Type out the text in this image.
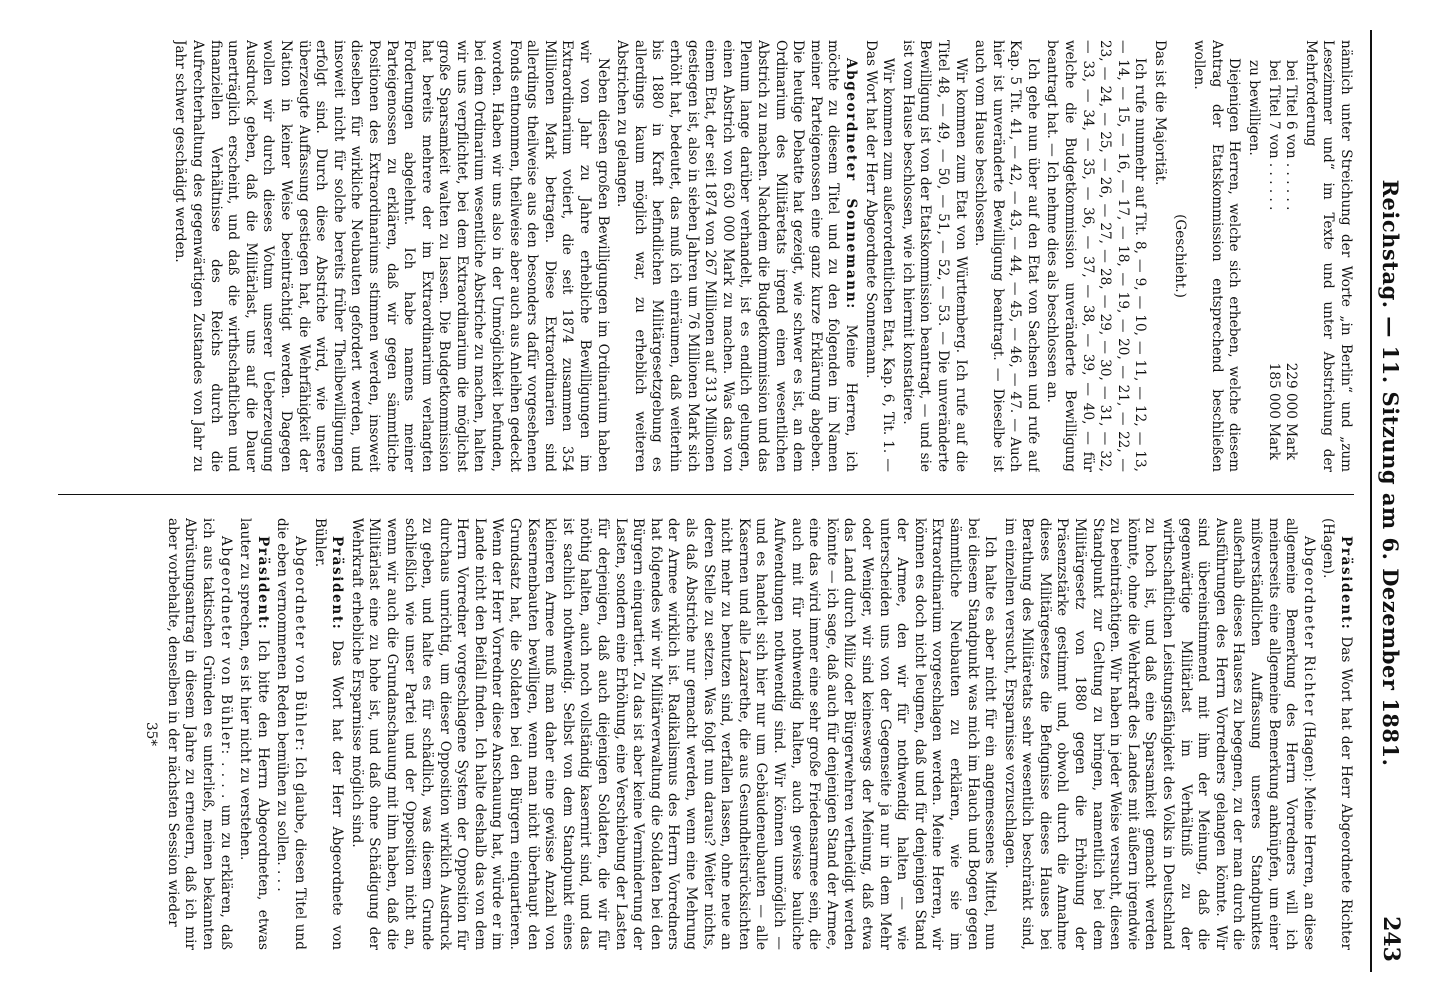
Reichstag. — 11. Sitzung am 6. Dezember 1881.
243

nämlich unter Streichung der Worte „in Berlin“ und „zum Lesezimmer und“ im Texte und unter Abstrichung der Mehrforderung

bei Titel 6 von . . . . . .	229 000 Mark
bei Titel 7 von . . . . . .	185 000 Mark

zu bewilligen.

Diejenigen Herren, welche sich erheben, welche diesem Antrag der Etatskommission entsprechend beschließen wollen.

(Geschieht.)

Das ist die Majorität.

Ich rufe nunmehr auf Tit. 8, — 9, — 10, — 11, — 12, — 13, — 14, — 15, — 16, — 17, — 18, — 19, — 20, — 21, — 22, — 23, — 24, — 25, — 26, — 27, — 28, — 29, — 30, — 31, — 32, — 33, — 34, — 35, — 36, — 37, — 38, — 39, — 40, — für welche die Budgetkommission unveränderte Bewilligung beantragt hat. — Ich nehme dies als beschlossen an.

Ich gehe nun über auf den Etat von Sachsen und rufe auf Kap. 5 Tit. 41, — 42, — 43, — 44, — 45, — 46, — 47. — Auch hier ist unveränderte Bewilligung beantragt. — Dieselbe ist auch vom Hause beschlossen.

Wir kommen zum Etat von Württemberg. Ich rufe auf die Titel 48, — 49, — 50, — 51, — 52, — 53. — Die unveränderte Bewilligung ist von der Etatskommission beantragt, — und sie ist vom Hause beschlossen, wie ich hiermit konstatiere.

Wir kommen zum außerordentlichen Etat, Kap. 6, Tit. 1. — Das Wort hat der Herr Abgeordnete Sonnemann.

Abgeordneter Sonnemann: Meine Herren, ich möchte zu diesem Titel und zu den folgenden im Namen meiner Parteigenossen eine ganz kurze Erklärung abgeben. Die heutige Debatte hat gezeigt, wie schwer es ist, an dem Ordinarium des Militäretats irgend einen wesentlichen Abstrich zu machen. Nachdem die Budgetkommission und das Plenum lange darüber verhandelt, ist es endlich gelungen, einen Abstrich von 630 000 Mark zu machen. Was das von einem Etat, der seit 1874 von 267 Millionen auf 313 Millionen gestiegen ist, also in sieben Jahren um 76 Millionen Mark sich erhöht hat, bedeutet, das muß ich einräumen, daß weiterhin bis 1880 in Kraft befindlichen Militärgesetzgebung es allerdings kaum möglich war, zu erheblich weiteren Abstrichen zu gelangen.

Neben diesen großen Bewilligungen im Ordinarium haben wir von Jahr zu Jahre erhebliche Bewilligungen im Extraordinarium votiert, die seit 1874 zusammen 354 Millionen Mark betragen. Diese Extraordinarien sind allerdings theilweise aus den besonders dafür vorgesehenen Fonds entnommen, theilweise aber auch aus Anleihen gedeckt worden. Haben wir uns also in der Unmöglichkeit befunden, bei dem Ordinarium wesentliche Abstriche zu machen, halten wir uns verpflichtet, bei dem Extraordinarium die möglichst große Sparsamkeit walten zu lassen. Die Budgetkommission hat bereits mehrere der im Extraordinarium verlangten Forderungen abgelehnt. Ich habe namens meiner Parteigenossen zu erklären, daß wir gegen sämmtliche Positionen des Extraordinariums stimmen werden, insoweit dieselben für wirkliche Neubauten gefordert werden, und insoweit nicht für solche bereits früher Theilbewilligungen erfolgt sind. Durch diese Abstriche wird, wie unsere überzeugte Auffassung gestiegen hat, die Wehrfähigkeit der Nation in keiner Weise beeinträchtigt werden. Dagegen wollen wir durch dieses Votum unserer Ueberzeugung Ausdruck geben, daß die Militärlast, uns auf die Dauer unerträglich erscheint, und daß die wirthschaftlichen und finanziellen Verhältnisse des Reichs durch die Aufrechterhaltung des gegenwärtigen Zustandes von Jahr zu Jahr schwer geschädigt werden.

Präsident: Das Wort hat der Herr Abgeordnete Richter (Hagen).

Abgeordneter Richter (Hagen): Meine Herren, an diese allgemeine Bemerkung des Herrn Vorredners will ich meinerseits eine allgemeine Bemerkung anknüpfen, um einer mißverständlichen Auffassung unseres Standpunktes außerhalb dieses Hauses zu begegnen, zu der man durch die Ausführungen des Herrn Vorredners gelangen könnte. Wir sind übereinstimmend mit ihm der Meinung, daß die gegenwärtige Militärlast im Verhältniß zu der wirthschaftlichen Leistungsfähigkeit des Volks in Deutschland zu hoch ist, und daß eine Sparsamkeit gemacht werden könnte, ohne die Wehrkraft des Landes mit äußern irgendwie zu beeinträchtigen. Wir haben in jeder Weise versucht, diesen Standpunkt zur Geltung zu bringen, namentlich bei dem Militärgesetz von 1880 gegen die Erhöhung der Präsenzstärke gestimmt und, obwohl durch die Annahme dieses Militärgesetzes die Befugnisse dieses Hauses bei Berathung des Militäretats sehr wesentlich beschränkt sind, im einzelnen versucht, Ersparnisse vorzuschlagen.

Ich halte es aber nicht für ein angemessenes Mittel, nun bei diesem Standpunkt was mich im Hauch und Bogen gegen sämmtliche Neubauten zu erklären, wie sie im Extraordinarium vorgeschlagen werden. Meine Herren, wir können es doch nicht leugnen, daß und für denjenigen Stand der Armee, den wir für nothwendig halten — wie unterscheiden uns von der Gegenseite ja nur in dem Mehr oder Weniger, wir sind keineswegs der Meinung, daß etwa das Land durch Miliz oder Bürgerwehren vertheidigt werden könnte — ich sage, daß auch für denjenigen Stand der Armee, eine das wird immer eine sehr große Friedensarmee sein, die auch mit für nothwendig halten, auch gewisse bauliche Aufwendungen nothwendig sind. Wir können unmöglich — und es handelt sich hier nur um Gebäudeneubauten — alle Kasernen und alle Lazarethe, die aus Gesundheitsrücksichten nicht mehr zu benutzen sind, verfallen lassen, ohne neue an deren Stelle zu setzen. Was folgt nun daraus? Weiter nichts, als daß Abstriche nur gemacht werden, wenn eine Mehrung der Armee wirklich ist. Radikalismus des Herrn Vorredners hat folgendes wir wir Militärverwaltung die Soldaten bei den Bürgern einquartiert. Zu das ist aber keine Verminderung der Lasten, sondern eine Erhöhung, eine Verschiebung der Lasten für derjenigen, daß auch diejenigen Soldaten, die wir für nöthig halten, auch noch vollständig kasernirt sind, und das ist sachlich nothwendig. Selbst von dem Standpunkt eines kleineren Armee muß man daher eine gewisse Anzahl von Kasernenbauten bewilligen, wenn man nicht überhaupt den Grundsatz hat, die Soldaten bei den Bürgern einquartieren. Wenn der Herr Vorredner diese Anschauung hat, würde er im Lande nicht den Beifall finden. Ich halte deshalb das von dem Herrn Vorredner vorgeschlagene System der Opposition für durchaus unrichtig, um dieser Opposition wirklich Ausdruck zu geben, und halte es für schädlich, was diesem Grunde schließlich wie unser Partei und der Opposition nicht an, wenn wir auch die Grundanschauung mit ihm haben, daß die Militärlast eine zu hohe ist, und daß ohne Schädigung der Wehrkraft erhebliche Ersparnisse möglich sind.

Präsident: Das Wort hat der Herr Abgeordnete von Bühler.

Abgeordneter von Bühler: Ich glaube, diesen Titel und die eben vernommenen Reden bemühen zu sollen. . . .

Präsident: Ich bitte den Herrn Abgeordneten, etwas lauter zu sprechen, es ist hier nicht zu verstehen.

Abgeordneter von Bühler: . . . . um zu erklären, daß ich aus taktischen Gründen es unterließ, meinen bekannten Abrüstungsantrag in diesem Jahre zu erneuern, daß ich mir aber vorbehalte, denselben in der nächsten Session wieder

35*
